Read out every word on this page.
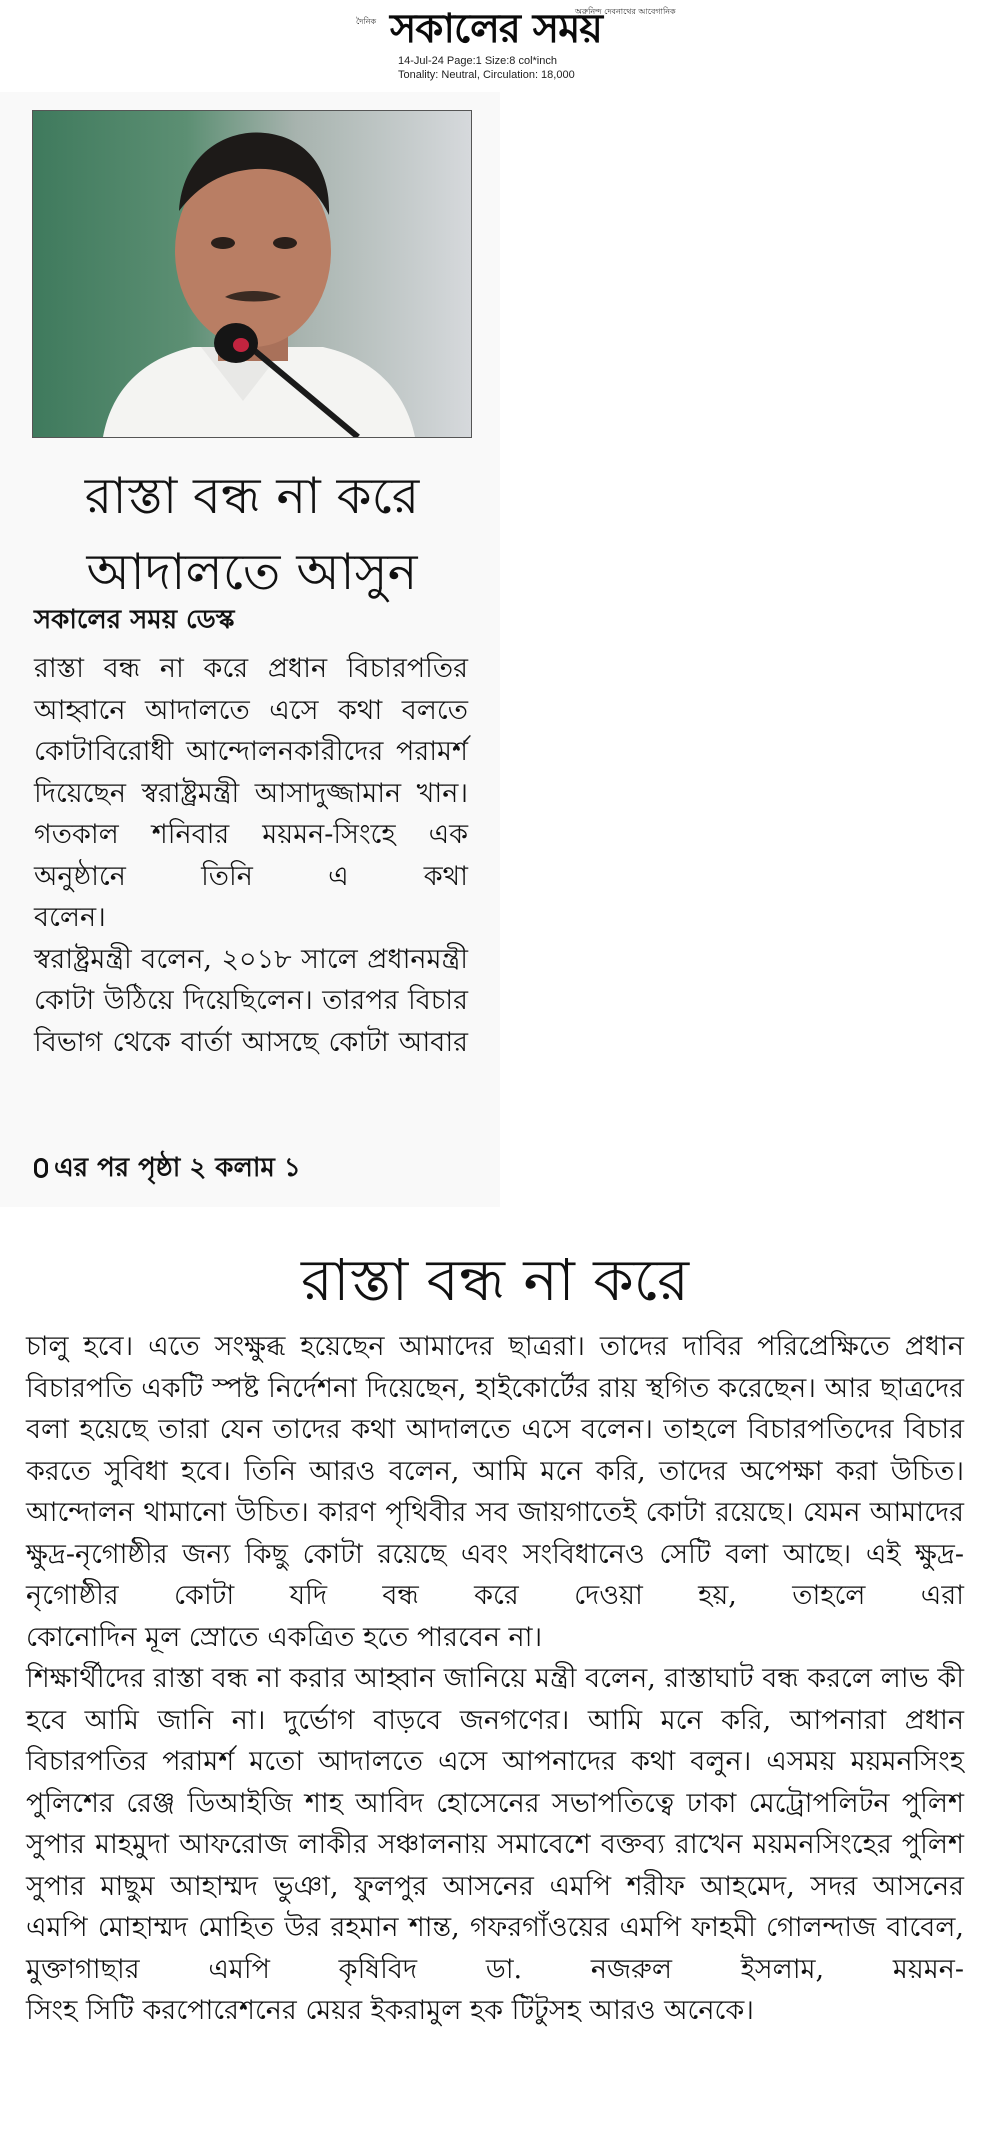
অরুনিন্দ দেবনাথের আবেগানিক
দৈনিক সকালের সময়
14-Jul-24 Page:1 Size:8 col*inch
Tonality: Neutral, Circulation: 18,000
রাস্তা বন্ধ না করে
আদালতে আসুন
সকালের সময় ডেস্ক

রাস্তা বন্ধ না করে প্রধান বিচারপতির আহ্বানে আদালতে এসে কথা বলতে কোটাবিরোধী আন্দোলনকারীদের পরামর্শ দিয়েছেন স্বরাষ্ট্রমন্ত্রী আসাদুজ্জামান খান। গতকাল শনিবার ময়মন-সিংহে এক অনুষ্ঠানে তিনি এ কথা

বলেন।

স্বরাষ্ট্রমন্ত্রী বলেন, ২০১৮ সালে প্রধানমন্ত্রী কোটা উঠিয়ে দিয়েছিলেন। তারপর বিচার বিভাগ থেকে বার্তা আসছে কোটা আবার

এর পর পৃষ্ঠা ২ কলাম ১
রাস্তা বন্ধ না করে

চালু হবে। এতে সংক্ষুব্ধ হয়েছেন আমাদের ছাত্ররা। তাদের দাবির পরিপ্রেক্ষিতে প্রধান বিচারপতি একটি স্পষ্ট নির্দেশনা দিয়েছেন, হাইকোর্টের রায় স্থগিত করেছেন। আর ছাত্রদের বলা হয়েছে তারা যেন তাদের কথা আদালতে এসে বলেন। তাহলে বিচারপতিদের বিচার করতে সুবিধা হবে। তিনি আরও বলেন, আমি মনে করি, তাদের অপেক্ষা করা উচিত। আন্দোলন থামানো উচিত। কারণ পৃথিবীর সব জায়গাতেই কোটা রয়েছে। যেমন আমাদের ক্ষুদ্র-নৃগোষ্ঠীর জন্য কিছু কোটা রয়েছে এবং সংবিধানেও সেটি বলা আছে। এই ক্ষুদ্র-নৃগোষ্ঠীর কোটা যদি বন্ধ করে দেওয়া হয়, তাহলে এরা

কোনোদিন মূল স্রোতে একত্রিত হতে পারবেন না।

শিক্ষার্থীদের রাস্তা বন্ধ না করার আহ্বান জানিয়ে মন্ত্রী বলেন, রাস্তাঘাট বন্ধ করলে লাভ কী হবে আমি জানি না। দুর্ভোগ বাড়বে জনগণের। আমি মনে করি, আপনারা প্রধান বিচারপতির পরামর্শ মতো আদালতে এসে আপনাদের কথা বলুন। এসময় ময়মনসিংহ পুলিশের রেঞ্জ ডিআইজি শাহ আবিদ হোসেনের সভাপতিত্বে ঢাকা মেট্রোপলিটন পুলিশ সুপার মাহমুদা আফরোজ লাকীর সঞ্চালনায় সমাবেশে বক্তব্য রাখেন ময়মনসিংহের পুলিশ সুপার মাছুম আহাম্মদ ভুঞা, ফুলপুর আসনের এমপি শরীফ আহমেদ, সদর আসনের এমপি মোহাম্মদ মোহিত উর রহমান শান্ত, গফরগাঁওয়ের এমপি ফাহমী গোলন্দাজ বাবেল, মুক্তাগাছার এমপি কৃষিবিদ ডা. নজরুল ইসলাম, ময়মন-

সিংহ সিটি করপোরেশনের মেয়র ইকরামুল হক টিটুসহ আরও অনেকে।
